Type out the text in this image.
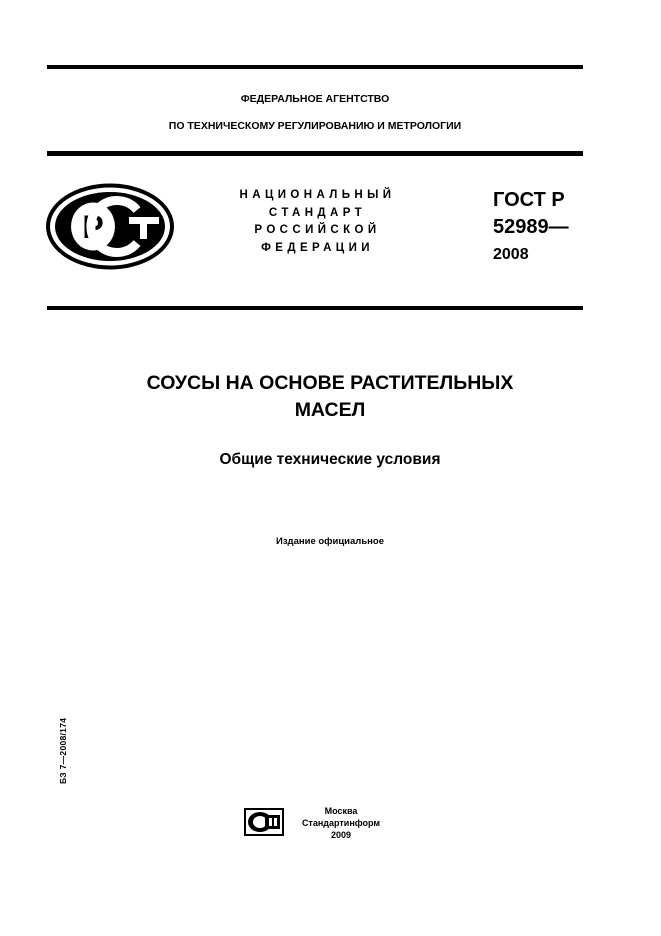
ФЕДЕРАЛЬНОЕ АГЕНТСТВО
ПО ТЕХНИЧЕСКОМУ РЕГУЛИРОВАНИЮ И МЕТРОЛОГИИ
Р
НАЦИОНАЛЬНЫЙ
СТАНДАРТ
РОССИЙСКОЙ
ФЕДЕРАЦИИ
ГОСТ Р
52989—
2008
СОУСЫ НА ОСНОВЕ РАСТИТЕЛЬНЫХ
МАСЕЛ
Общие технические условия
Издание официальное
БЗ 7—2008/174
Москва
Стандартинформ
2009
